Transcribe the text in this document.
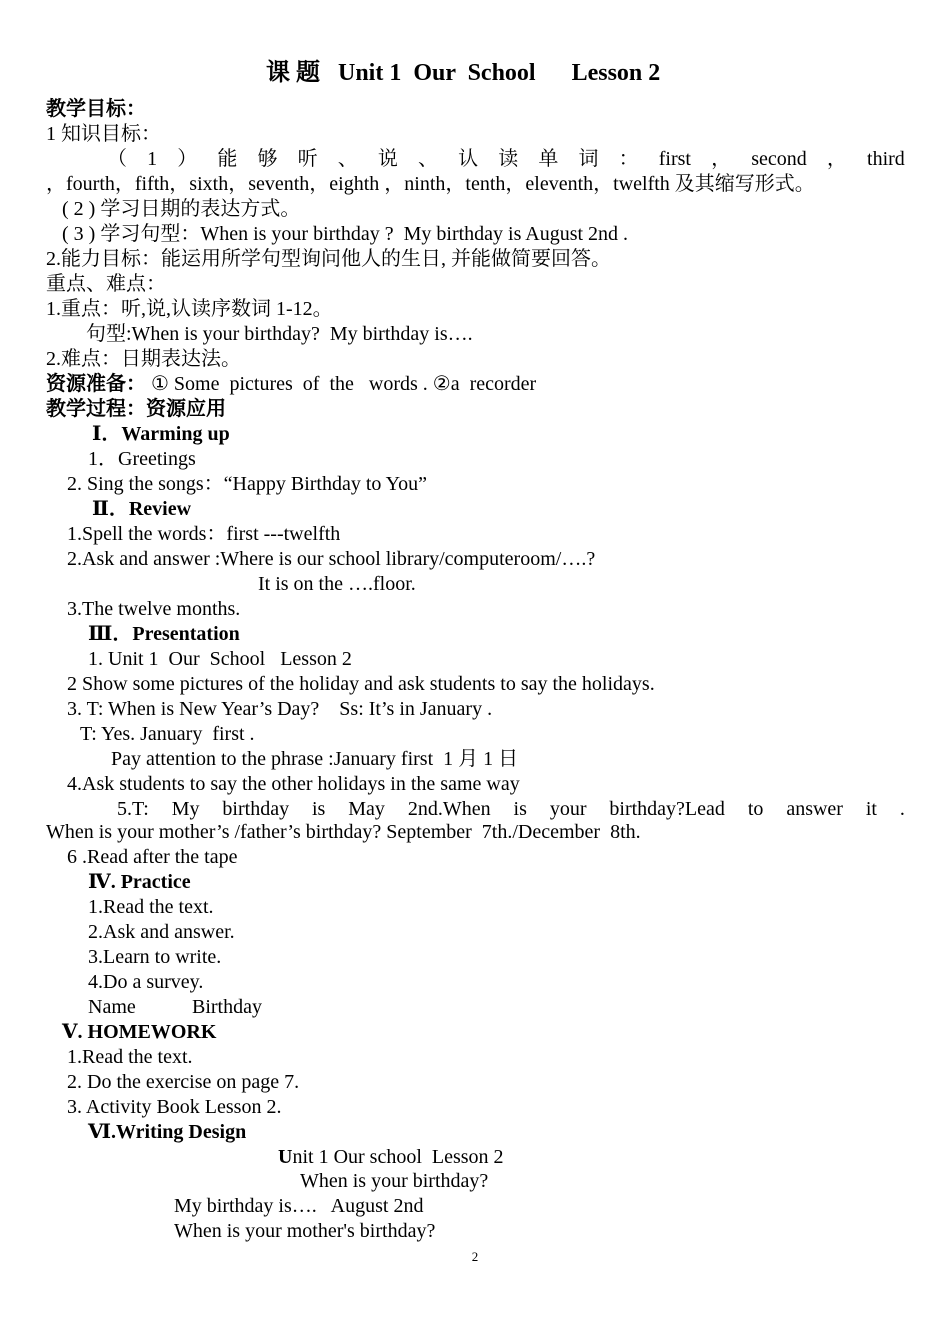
课 题   Unit 1  Our  School      Lesson 2
教学目标：
1 知识目标：
（ 1 ） 能 够 听 、 说 、 认 读 单 词 ： first ， second ， third
，fourth，fifth，sixth，seventh，eighth ，ninth，tenth，eleventh，twelfth 及其缩写形式。
( 2 ) 学习日期的表达方式。
( 3 ) 学习句型：When is your birthday ?  My birthday is August 2nd .
2.能力目标：能运用所学句型询问他人的生日, 并能做简要回答。
重点、难点：
1.重点：听,说,认读序数词 1-12。
句型:When is your birthday?  My birthday is….
2.难点：日期表达法。
资源准备： ① Some  pictures  of  the   words . ②a  recorder
教学过程：资源应用
Ⅰ．Warming up
1．Greetings
2. Sing the songs：“Happy Birthday to You”
Ⅱ．Review
1.Spell the words：first ---twelfth
2.Ask and answer :Where is our school library/computeroom/….?
It is on the ….floor.
3.The twelve months.
Ⅲ．Presentation
1. Unit 1  Our  School   Lesson 2
2 Show some pictures of the holiday and ask students to say the holidays.
3. T: When is New Year’s Day?    Ss: It’s in January .
T: Yes. January  first .
Pay attention to the phrase :January first  1 月 1 日
4.Ask students to say the other holidays in the same way
5.T: My birthday is May 2nd.When is your birthday?Lead to answer it .
When is your mother’s /father’s birthday? September  7th./December  8th.
6 .Read after the tape
Ⅳ. Practice
1.Read the text.
2.Ask and answer.
3.Learn to write.
4.Do a survey.
Name	Birthday
Ⅴ. HOMEWORK
1.Read the text.
2. Do the exercise on page 7.
3. Activity Book Lesson 2.
Ⅵ.Writing Design
Unit 1 Our school  Lesson 2
When is your birthday?
My birthday is….   August 2nd
When is your mother's birthday?
2
